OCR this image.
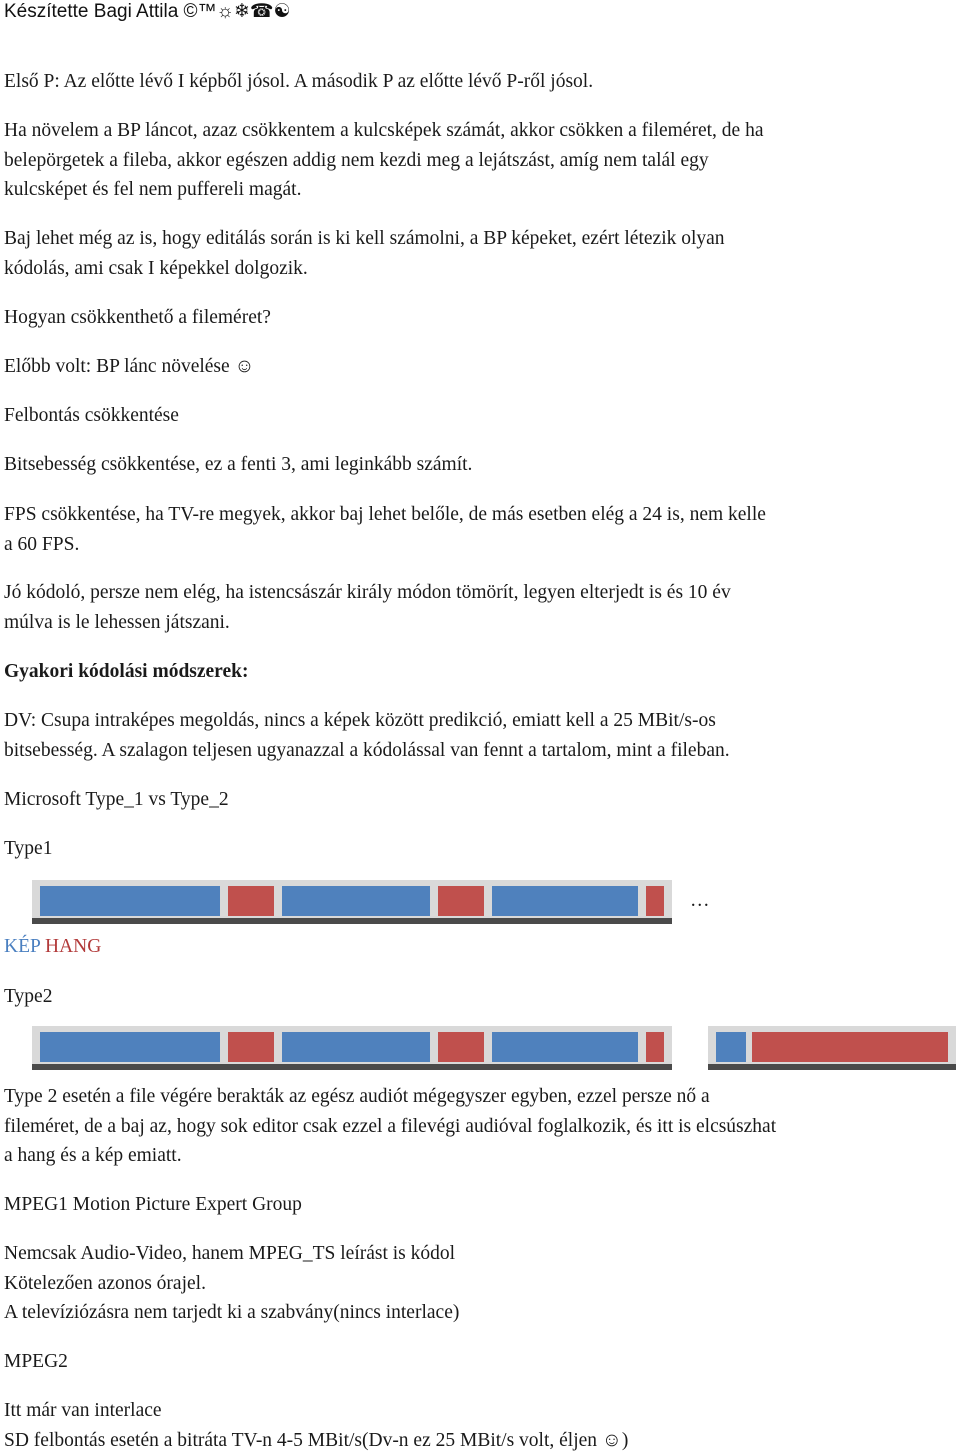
Készítette Bagi Attila ©™☼❄☎☯

Első P: Az előtte lévő I képből jósol. A második P az előtte lévő P-ről jósol.

Ha növelem a BP láncot, azaz csökkentem a kulcsképek számát, akkor csökken a fileméret, de ha
belepörgetek a fileba, akkor egészen addig nem kezdi meg a lejátszást, amíg nem talál egy
kulcsképet és fel nem puffereli magát.

Baj lehet még az is, hogy editálás során is ki kell számolni, a BP képeket, ezért létezik olyan
kódolás, ami csak I képekkel dolgozik.

Hogyan csökkenthető a fileméret?

Előbb volt: BP lánc növelése ☺

Felbontás csökkentése

Bitsebesség csökkentése, ez a fenti 3, ami leginkább számít.

FPS csökkentése, ha TV-re megyek, akkor baj lehet belőle, de más esetben elég a 24 is, nem kelle
a 60 FPS.

Jó kódoló, persze nem elég, ha istencsászár király módon tömörít, legyen elterjedt is és 10 év
múlva is le lehessen játszani.

Gyakori kódolási módszerek:

DV: Csupa intraképes megoldás, nincs a képek között predikció, emiatt kell a 25 MBit/s-os
bitsebesség. A szalagon teljesen ugyanazzal a kódolással van fennt a tartalom, mint a fileban.

Microsoft Type_1 vs Type_2

Type1

…

KÉP HANG

Type2

Type 2 esetén a file végére berakták az egész audiót mégegyszer egyben, ezzel persze nő a
fileméret, de a baj az, hogy sok editor csak ezzel a filevégi audióval foglalkozik, és itt is elcsúszhat
a hang és a kép emiatt.

MPEG1 Motion Picture Expert Group

Nemcsak Audio-Video, hanem MPEG_TS leírást is kódol
Kötelezően azonos órajel.
A televíziózásra nem tarjedt ki a szabvány(nincs interlace)

MPEG2

Itt már van interlace
SD felbontás esetén a bitráta TV-n 4-5 MBit/s(Dv-n ez 25 MBit/s volt, éljen ☺)
